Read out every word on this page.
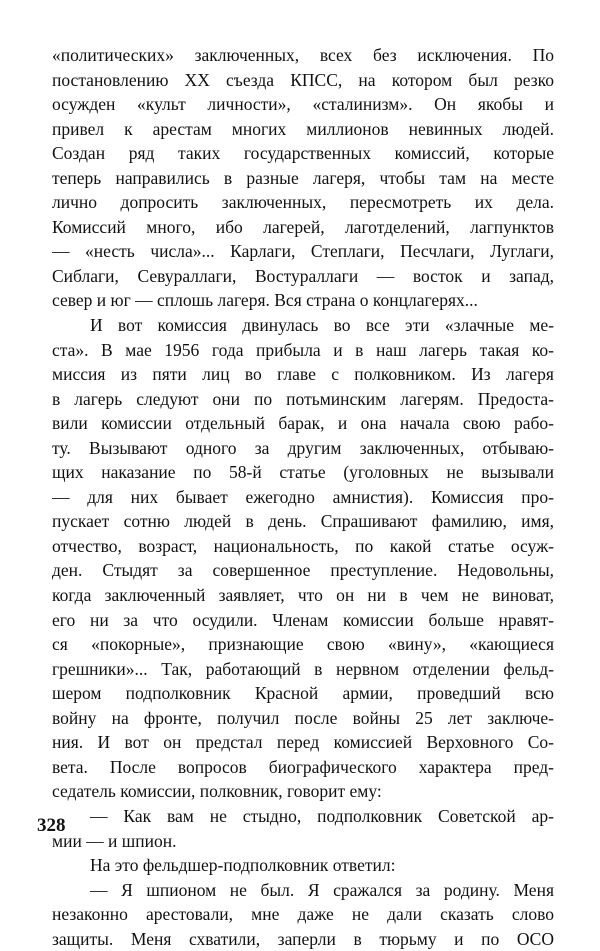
«политических» заключенных, всех без исключения. По
постановлению XX съезда КПСС, на котором был резко
осужден «культ личности», «сталинизм». Он якобы и
привел к арестам многих миллионов невинных людей.
Создан ряд таких государственных комиссий, которые
теперь направились в разные лагеря, чтобы там на месте
лично допросить заключенных, пересмотреть их дела.
Комиссий много, ибо лагерей, лаготделений, лагпунктов
— «несть числа»... Карлаги, Степлаги, Песчлаги, Луглаги,
Сиблаги, Севураллаги, Востураллаги — восток и запад,
север и юг — сплошь лагеря. Вся страна о концлагерях...
И вот комиссия двинулась во все эти «злачные ме-
ста». В мае 1956 года прибыла и в наш лагерь такая ко-
миссия из пяти лиц во главе с полковником. Из лагеря
в лагерь следуют они по потьминским лагерям. Предоста-
вили комиссии отдельный барак, и она начала свою рабо-
ту. Вызывают одного за другим заключенных, отбываю-
щих наказание по 58-й статье (уголовных не вызывали
— для них бывает ежегодно амнистия). Комиссия про-
пускает сотню людей в день. Спрашивают фамилию, имя,
отчество, возраст, национальность, по какой статье осуж-
ден. Стыдят за совершенное преступление. Недовольны,
когда заключенный заявляет, что он ни в чем не виноват,
его ни за что осудили. Членам комиссии больше нравят-
ся «покорные», признающие свою «вину», «кающиеся
грешники»... Так, работающий в нервном отделении фельд-
шером подполковник Красной армии, проведший всю
войну на фронте, получил после войны 25 лет заключе-
ния. И вот он предстал перед комиссией Верховного Со-
вета. После вопросов биографического характера пред-
седатель комиссии, полковник, говорит ему:
— Как вам не стыдно, подполковник Советской ар-
мии — и шпион.
На это фельдшер-подполковник ответил:
— Я шпионом не был. Я сражался за родину. Меня
незаконно арестовали, мне даже не дали сказать слово
защиты. Меня схватили, заперли в тюрьму и по ОСО
328
